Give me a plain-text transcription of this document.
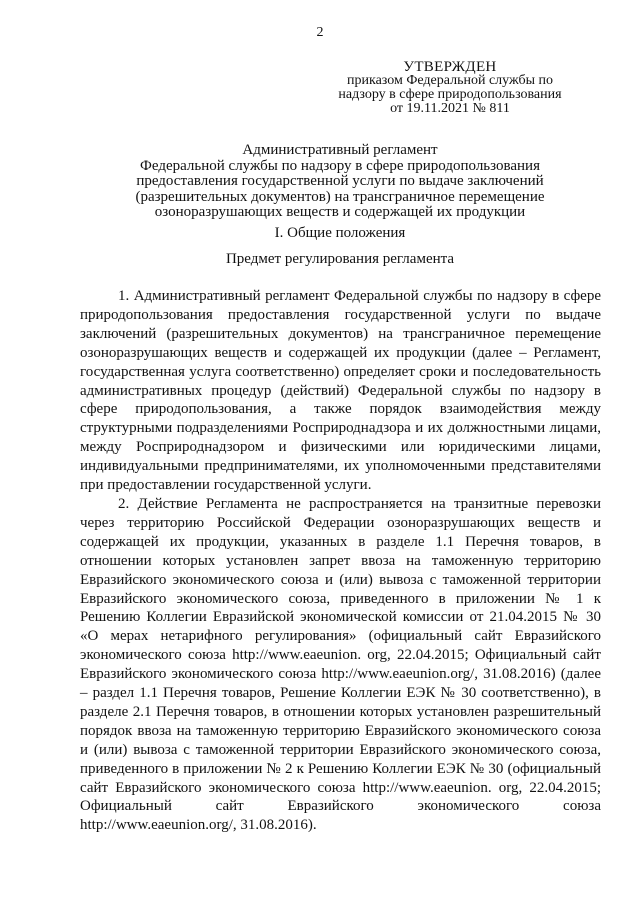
2
УТВЕРЖДЕН
приказом Федеральной службы по
надзору в сфере природопользования
от 19.11.2021 № 811
Административный регламент
Федеральной службы по надзору в сфере природопользования
предоставления государственной услуги по выдаче заключений
(разрешительных документов) на трансграничное перемещение
озоноразрушающих веществ и содержащей их продукции
I. Общие положения
Предмет регулирования регламента

1. Административный регламент Федеральной службы по надзору в сфере природопользования предоставления государственной услуги по выдаче заключений (разрешительных документов) на трансграничное перемещение озоноразрушающих веществ и содержащей их продукции (далее – Регламент, государственная услуга соответственно) определяет сроки и последовательность административных процедур (действий) Федеральной службы по надзору в сфере природопользования, а также порядок взаимодействия между структурными подразделениями Росприроднадзора и их должностными лицами, между Росприроднадзором и физическими или юридическими лицами, индивидуальными предпринимателями, их уполномоченными представителями при предоставлении государственной услуги.

2. Действие Регламента не распространяется на транзитные перевозки через территорию Российской Федерации озоноразрушающих веществ и содержащей их продукции, указанных в разделе 1.1 Перечня товаров, в отношении которых установлен запрет ввоза на таможенную территорию Евразийского экономического союза и (или) вывоза с таможенной территории Евразийского экономического союза, приведенного в приложении № 1 к Решению Коллегии Евразийской экономической комиссии от 21.04.2015 № 30 «О мерах нетарифного регулирования» (официальный сайт Евразийского экономического союза http://www.eaeunion. org, 22.04.2015; Официальный сайт Евразийского экономического союза http://www.eaeunion.org/, 31.08.2016) (далее – раздел 1.1 Перечня товаров, Решение Коллегии ЕЭК № 30 соответственно), в разделе 2.1 Перечня товаров, в отношении которых установлен разрешительный порядок ввоза на таможенную территорию Евразийского экономического союза и (или) вывоза с таможенной территории Евразийского экономического союза, приведенного в приложении № 2 к Решению Коллегии ЕЭК № 30 (официальный сайт Евразийского экономического союза http://www.eaeunion. org, 22.04.2015; Официальный сайт Евразийского экономического союза http://www.eaeunion.org/, 31.08.2016).
